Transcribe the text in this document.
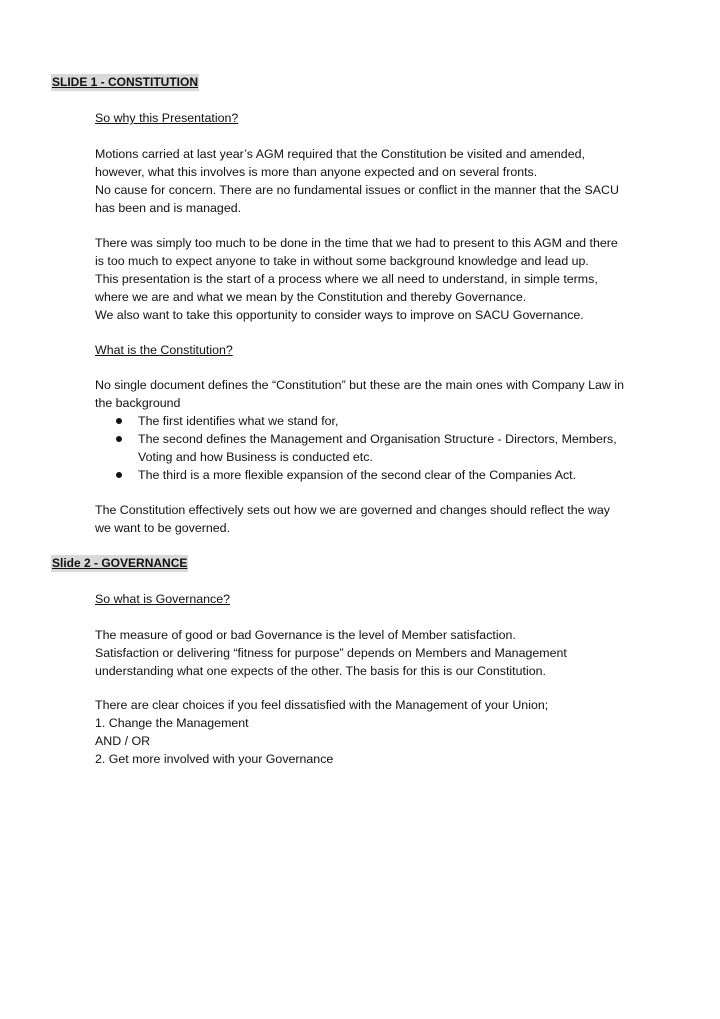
SLIDE 1 - CONSTITUTION
So why this Presentation?
Motions carried at last year’s AGM required that the Constitution be visited and amended,
however, what this involves is more than anyone expected and on several fronts.
No cause for concern. There are no fundamental issues or conflict in the manner that the SACU
has been and is managed.
There was simply too much to be done in the time that we had to present to this AGM and there
is too much to expect anyone to take in without some background knowledge and lead up.
This presentation is the start of a process where we all need to understand, in simple terms,
where we are and what we mean by the Constitution and thereby Governance.
We also want to take this opportunity to consider ways to improve on SACU Governance.
What is the Constitution?
No single document defines the “Constitution” but these are the main ones with Company Law in
the background
The first identifies what we stand for,
The second defines the Management and Organisation Structure - Directors, Members,
Voting and how Business is conducted etc.
The third is a more flexible expansion of the second clear of the Companies Act.
The Constitution effectively sets out how we are governed and changes should reflect the way
we want to be governed.
Slide 2 - GOVERNANCE
So what is Governance?
The measure of good or bad Governance is the level of Member satisfaction.
Satisfaction or delivering “fitness for purpose” depends on Members and Management
understanding what one expects of the other. The basis for this is our Constitution.
There are clear choices if you feel dissatisfied with the Management of your Union;
1. Change the Management
AND / OR
2. Get more involved with your Governance
